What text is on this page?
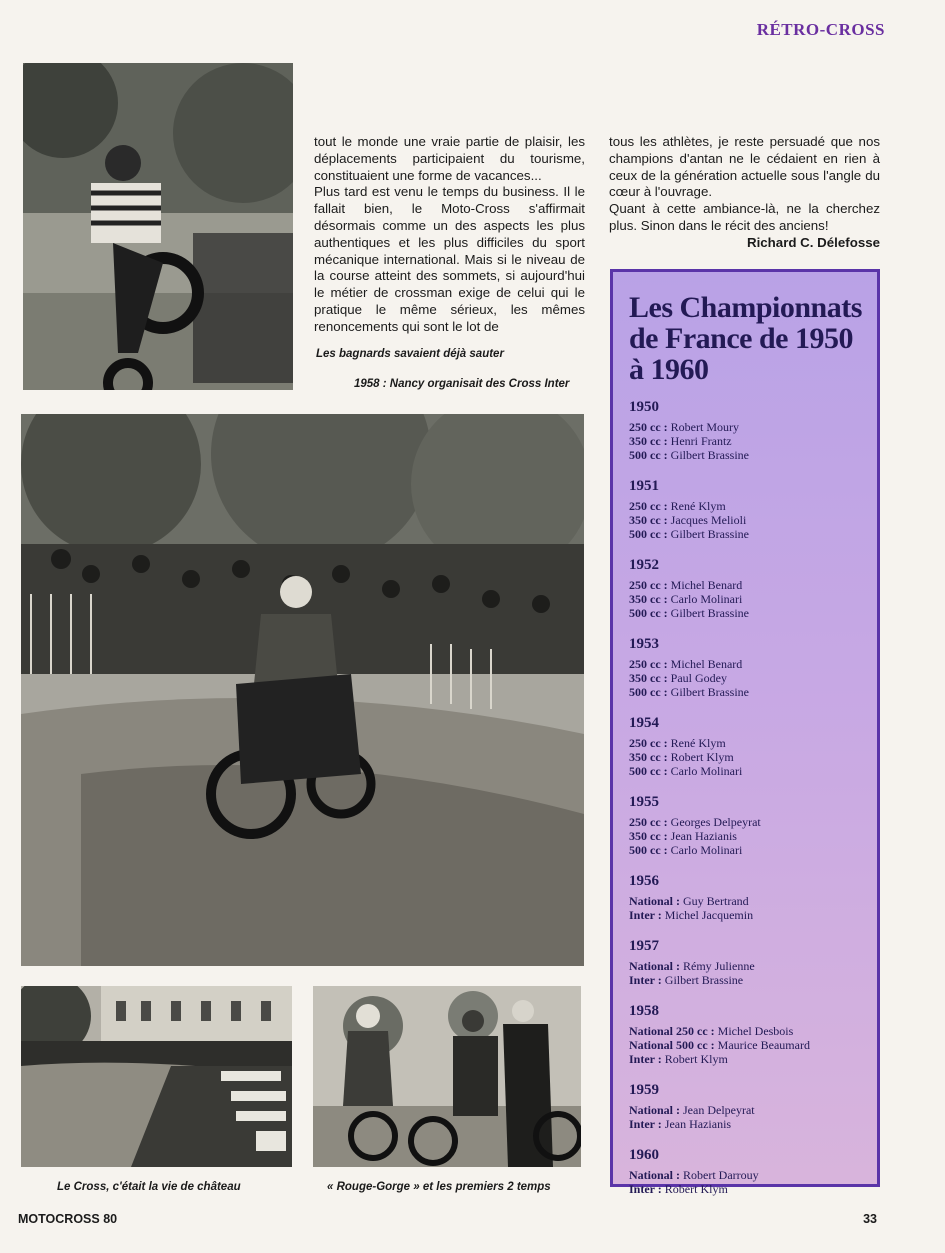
RÉTRO-CROSS

tout le monde une vraie partie de plaisir, les déplacements participaient du tourisme, constituaient une forme de vacances...

Plus tard est venu le temps du business. Il le fallait bien, le Moto-Cross s'affirmait désormais comme un des aspects les plus authentiques et les plus difficiles du sport mécanique international. Mais si le niveau de la course atteint des sommets, si aujourd'hui le métier de crossman exige de celui qui le pratique le même sérieux, les mêmes renoncements qui sont le lot de

tous les athlètes, je reste persuadé que nos champions d'antan ne le cédaient en rien à ceux de la génération actuelle sous l'angle du cœur à l'ouvrage.

Quant à cette ambiance-là, ne la cherchez plus. Sinon dans le récit des anciens!

Richard C. Délefosse

Les bagnards savaient déjà sauter
1958 : Nancy organisait des Cross Inter
Le Cross, c'était la vie de château	« Rouge-Gorge » et les premiers 2 temps
Les Championnats de France de 1950 à 1960
1950
250 cc : Robert Moury
350 cc : Henri Frantz
500 cc : Gilbert Brassine
1951
250 cc : René Klym
350 cc : Jacques Melioli
500 cc : Gilbert Brassine
1952
250 cc : Michel Benard
350 cc : Carlo Molinari
500 cc : Gilbert Brassine
1953
250 cc : Michel Benard
350 cc : Paul Godey
500 cc : Gilbert Brassine
1954
250 cc : René Klym
350 cc : Robert Klym
500 cc : Carlo Molinari
1955
250 cc : Georges Delpeyrat
350 cc : Jean Hazianis
500 cc : Carlo Molinari
1956
National : Guy Bertrand
Inter : Michel Jacquemin
1957
National : Rémy Julienne
Inter : Gilbert Brassine
1958
National 250 cc : Michel Desbois
National 500 cc : Maurice Beaumard
Inter : Robert Klym
1959
National : Jean Delpeyrat
Inter : Jean Hazianis
1960
National : Robert Darrouy
Inter : Robert Klym
MOTOCROSS 80	33
